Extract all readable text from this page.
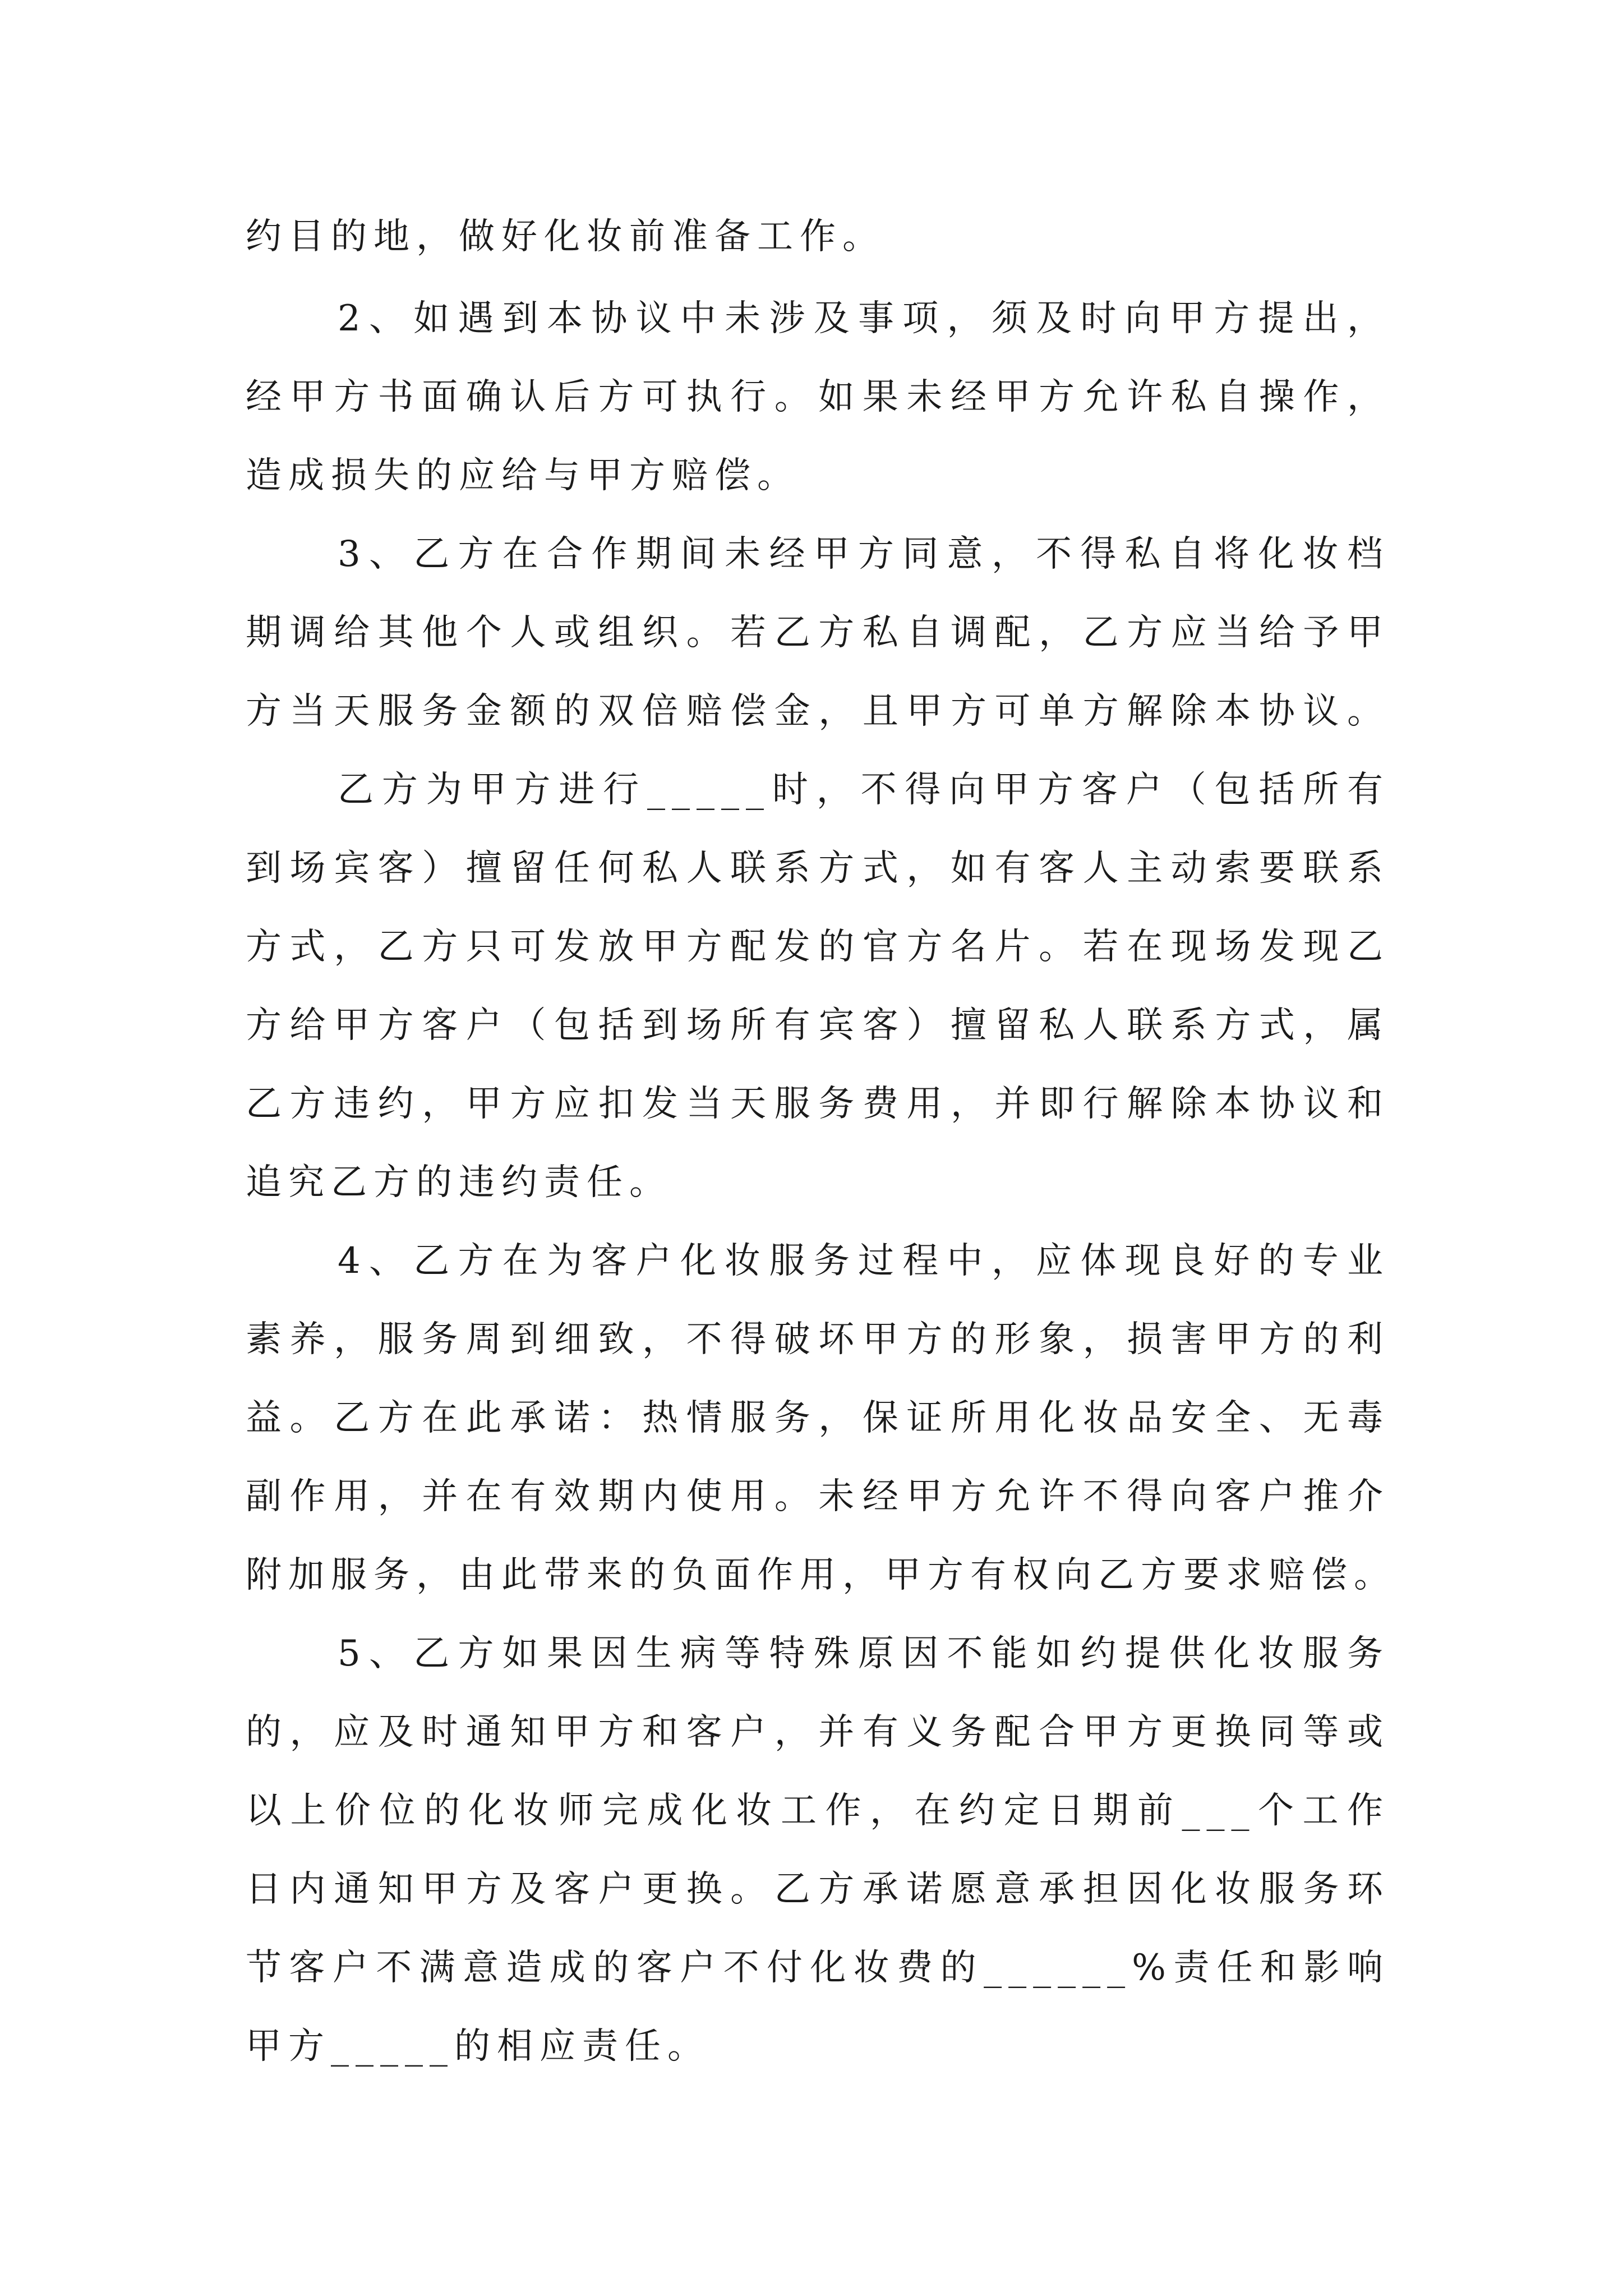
约目的地，做好化妆前准备工作。
2、如遇到本协议中未涉及事项，须及时向甲方提出，
经甲方书面确认后方可执行。如果未经甲方允许私自操作，
造成损失的应给与甲方赔偿。
3、乙方在合作期间未经甲方同意，不得私自将化妆档
期调给其他个人或组织。若乙方私自调配，乙方应当给予甲
方当天服务金额的双倍赔偿金，且甲方可单方解除本协议。
乙方为甲方进行_____时，不得向甲方客户（包括所有
到场宾客）擅留任何私人联系方式，如有客人主动索要联系
方式，乙方只可发放甲方配发的官方名片。若在现场发现乙
方给甲方客户（包括到场所有宾客）擅留私人联系方式，属
乙方违约，甲方应扣发当天服务费用，并即行解除本协议和
追究乙方的违约责任。
4、乙方在为客户化妆服务过程中，应体现良好的专业
素养，服务周到细致，不得破坏甲方的形象，损害甲方的利
益。乙方在此承诺：热情服务，保证所用化妆品安全、无毒
副作用，并在有效期内使用。未经甲方允许不得向客户推介
附加服务，由此带来的负面作用，甲方有权向乙方要求赔偿。
5、乙方如果因生病等特殊原因不能如约提供化妆服务
的，应及时通知甲方和客户，并有义务配合甲方更换同等或
以上价位的化妆师完成化妆工作，在约定日期前___个工作
日内通知甲方及客户更换。乙方承诺愿意承担因化妆服务环
节客户不满意造成的客户不付化妆费的______%责任和影响
甲方_____的相应责任。
